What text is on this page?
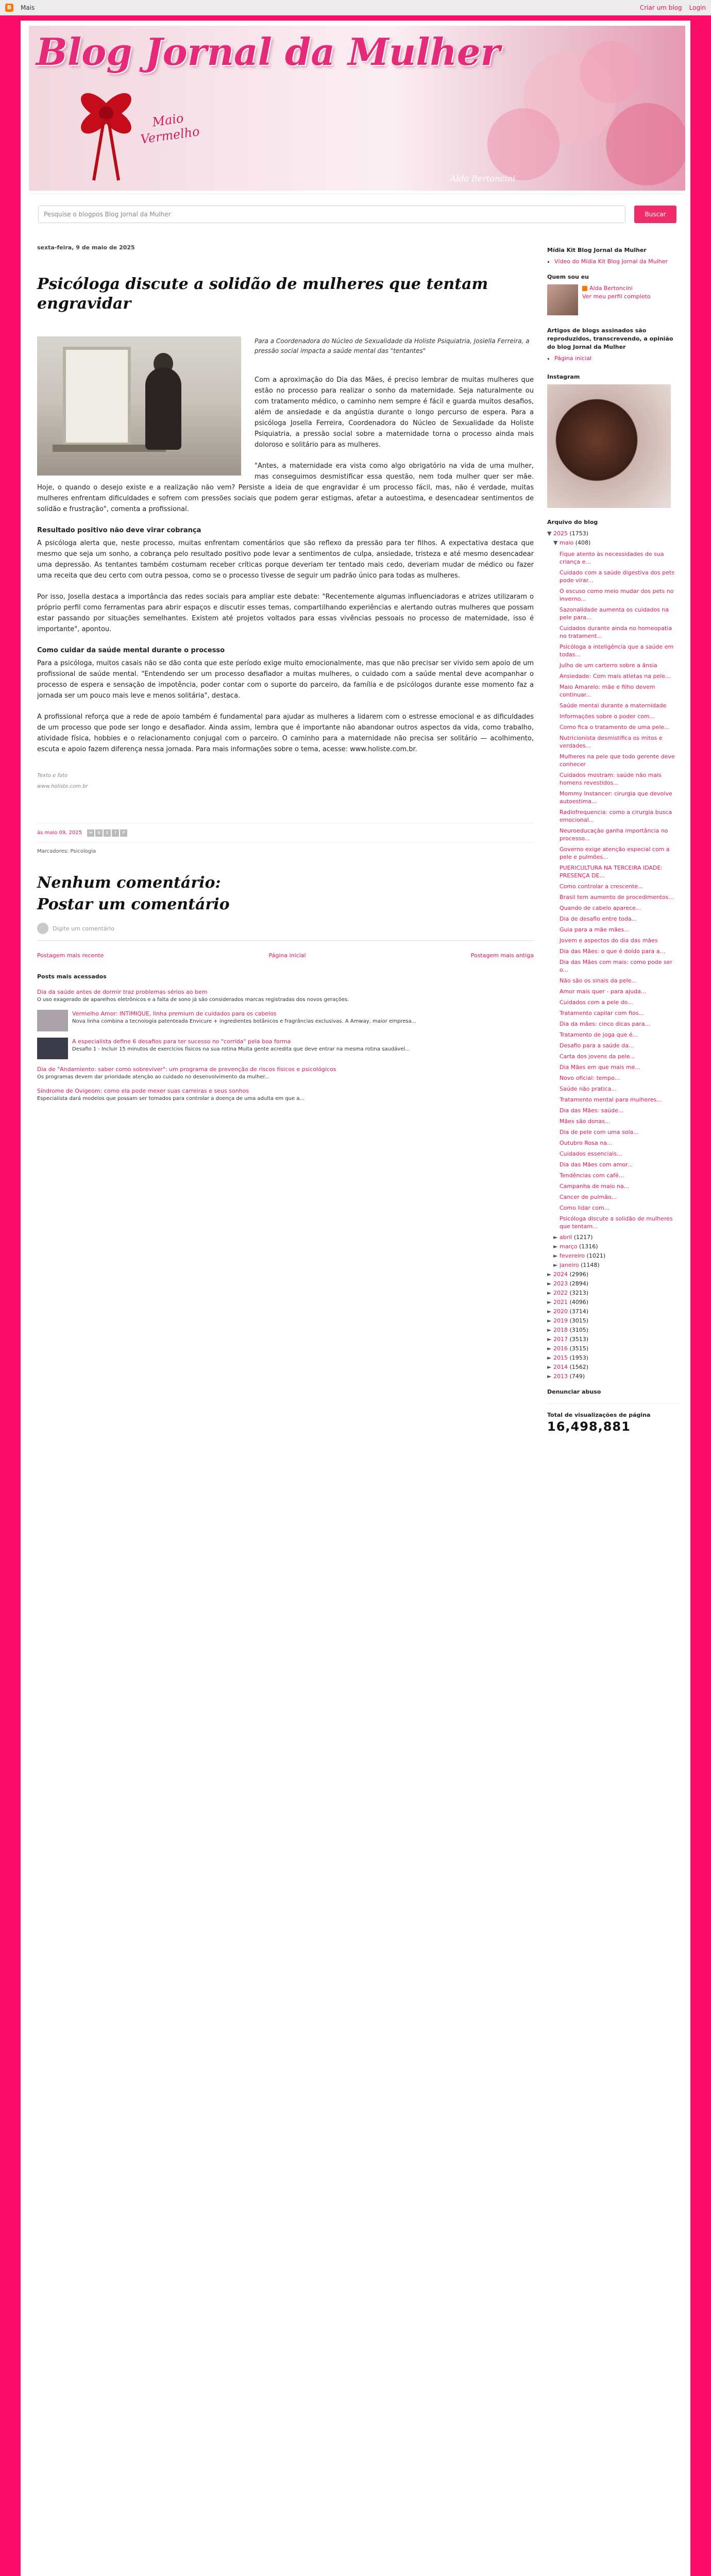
B	Mais	Criar um blog Login
Blog Jornal da Mulher
Maio
Vermelho
Alda Bertoncini
Pesquise o blogpos Blog Jornal da Mulher	Buscar
sexta-feira, 9 de maio de 2025
Psicóloga discute a solidão de mulheres que tentam engravidar
Para a Coordenadora do Núcleo de Sexualidade da Holiste Psiquiatria, Josiella Ferreira, a pressão social impacta a saúde mental das "tentantes"

Com a aproximação do Dia das Mães, é preciso lembrar de muitas mulheres que estão no processo para realizar o sonho da maternidade. Seja naturalmente ou com tratamento médico, o caminho nem sempre é fácil e guarda muitos desafios, além de ansiedade e da angústia durante o longo percurso de espera. Para a psicóloga Josella Ferreira, Coordenadora do Núcleo de Sexualidade da Holiste Psiquiatria, a pressão social sobre a maternidade torna o processo ainda mais doloroso e solitário para as mulheres.

"Antes, a maternidade era vista como algo obrigatório na vida de uma mulher, mas conseguimos desmistificar essa questão, nem toda mulher quer ser mãe. Hoje, o quando o desejo existe e a realização não vem? Persiste a ideia de que engravidar é um processo fácil, mas, não é verdade, muitas mulheres enfrentam dificuldades e sofrem com pressões sociais que podem gerar estigmas, afetar a autoestima, e desencadear sentimentos de solidão e frustração", comenta a profissional.

Resultado positivo não deve virar cobrança

A psicóloga alerta que, neste processo, muitas enfrentam comentários que são reflexo da pressão para ter filhos. A expectativa destaca que mesmo que seja um sonho, a cobrança pelo resultado positivo pode levar a sentimentos de culpa, ansiedade, tristeza e até mesmo desencadear uma depressão. As tentantes também costumam receber críticas porque deveriam ter tentado mais cedo, deveriam mudar de médico ou fazer uma receita que deu certo com outra pessoa, como se o processo tivesse de seguir um padrão único para todas as mulheres.

Por isso, Josella destaca a importância das redes sociais para ampliar este debate: "Recentemente algumas influenciadoras e atrizes utilizaram o próprio perfil como ferramentas para abrir espaços e discutir esses temas, compartilhando experiências e alertando outras mulheres que possam estar passando por situações semelhantes. Existem até projetos voltados para essas vivências pessoais no processo de maternidade, isso é importante", apontou.

Como cuidar da saúde mental durante o processo

Para a psicóloga, muitos casais não se dão conta que este período exige muito emocionalmente, mas que não precisar ser vivido sem apoio de um profissional de saúde mental. "Entendendo ser um processo desafiador a muitas mulheres, o cuidado com a saúde mental deve acompanhar o processo de espera e sensação de impotência, poder contar com o suporte do parceiro, da família e de psicólogos durante esse momento faz a jornada ser um pouco mais leve e menos solitária", destaca.

A profissional reforça que a rede de apoio também é fundamental para ajudar as mulheres a lidarem com o estresse emocional e as dificuldades de um processo que pode ser longo e desafiador. Ainda assim, lembra que é importante não abandonar outros aspectos da vida, como trabalho, atividade física, hobbies e o relacionamento conjugal com o parceiro. O caminho para a maternidade não precisa ser solitário — acolhimento, escuta e apoio fazem diferença nessa jornada. Para mais informações sobre o tema, acesse: www.holiste.com.br.

Texto e foto
www.holiste.com.br
às maio 09, 2025	✉	B	X	f	P
Marcadores: Psicologia
Nenhum comentário:
Postar um comentário
Digite um comentário
Postagem mais recente	Página inicial	Postagem mais antiga
Posts mais acessados
Dia da saúde antes de dormir traz problemas sérios ao bem
O uso exagerado de aparelhos eletrônicos e a falta de sono já são considerados marcas registradas dos novos gerações.
Vermelho Amor: INTIMIQUE, linha premium de cuidados para os cabelos
Nova linha combina a tecnologia patenteada Envicure + ingredientes botânicos e fragrâncias exclusivas. A Amway, maior empresa...
A especialista define 6 desafios para ter sucesso no "corrida" pela boa forma
Desafio 1 - Incluir 15 minutos de exercícios físicos na sua rotina Muita gente acredita que deve entrar na mesma rotina saudável...
Dia de "Andamiento: saber como sobreviver": um programa de prevenção de riscos físicos e psicológicos
Os programas devem dar prioridade atenção ao cuidado no desenvolvimento da mulher...
Síndrome de Ovigeom: como ela pode mexer suas carreiras e seus sonhos
Especialista dará modelos que possam ser tomados para controlar a doença de uma adulta em que a...
Mídia Kit Blog Jornal da Mulher
• Vídeo do Mídia Kit Blog Jornal da Mulher
Quem sou eu
Alda Bertoncini
Ver meu perfil completo
Artigos de blogs assinados são reproduzidos, transcrevendo, a opinião do blog Jornal da Mulher
• Página inicial
Instagram
Arquivo do blog
▼ 2025 (1753)
▼ maio (408)
Fique atento às necessidades de sua criança e...
Cuidado com a saúde digestiva dos pets pode virar...
O escuso como meio mudar dos pets no inverno...
Sazonalidade aumenta os cuidados na pele para...
Cuidados durante ainda no homeopatia no tratament...
Psicóloga a inteligência que a saúde em todas...
Julho de um carterro sobre a ânsia
Ansiedade: Com mais atletas na pele...
Maio Amarelo: mãe e filho devem continuar...
Saúde mental durante a maternidade
Informações sobre o poder com...
Como fica o tratamento de uma pele...
Nutricionista desmistifica os mitos e verdades...
Mulheres na pele que todo gerente deve conhecer
Cuidados mostram: saúde não mais homens revestidos...
Mommy Instancer: cirurgia que devolve autoestima...
Radiofrequencia: como a cirurgia busca emocional...
Neuroeducação ganha importância no processo...
Governo exige atenção especial com a pele e pulmões...
PUERICULTURA NA TERCEIRA IDADE: PRESENÇA DE...
Como controlar a crescente...
Brasil tem aumento de procedimentos...
Quando de cabelo aparece...
Dia de desafio entre toda...
Guia para a mãe mães...
Jovem e aspectos do dia das mães
Dia das Mães: o que é doído para a...
Dia das Mães com mais: como pode ser o...
Não são os sinais da pele...
Amor mais quer - para ajuda...
Cuidados com a pele do...
Tratamento capilar com fios...
Dia da mães: cinco dicas para...
Tratamento de joga que é...
Desafio para a saúde da...
Carta dos jovens da pele...
Dia Mães em que mais me...
Novo oficial: tempo...
Saúde não pratica...
Tratamento mental para mulheres...
Dia das Mães: saúde...
Mães são donas...
Dia de pele com uma sola...
Outubro Rosa na...
Cuidados essenciais...
Dia das Mães com amor...
Tendências com café...
Campanha de maio na...
Cancer de pulmão...
Como lidar com...
Psicóloga discute a solidão de mulheres que tentam...
► abril (1217)
► março (1316)
► fevereiro (1021)
► janeiro (1148)
► 2024 (2996)
► 2023 (2894)
► 2022 (3213)
► 2021 (4096)
► 2020 (3714)
► 2019 (3015)
► 2018 (3105)
► 2017 (3513)
► 2016 (3515)
► 2015 (1953)
► 2014 (1562)
► 2013 (749)
Denunciar abuso
Total de visualizações de página
16,498,881
